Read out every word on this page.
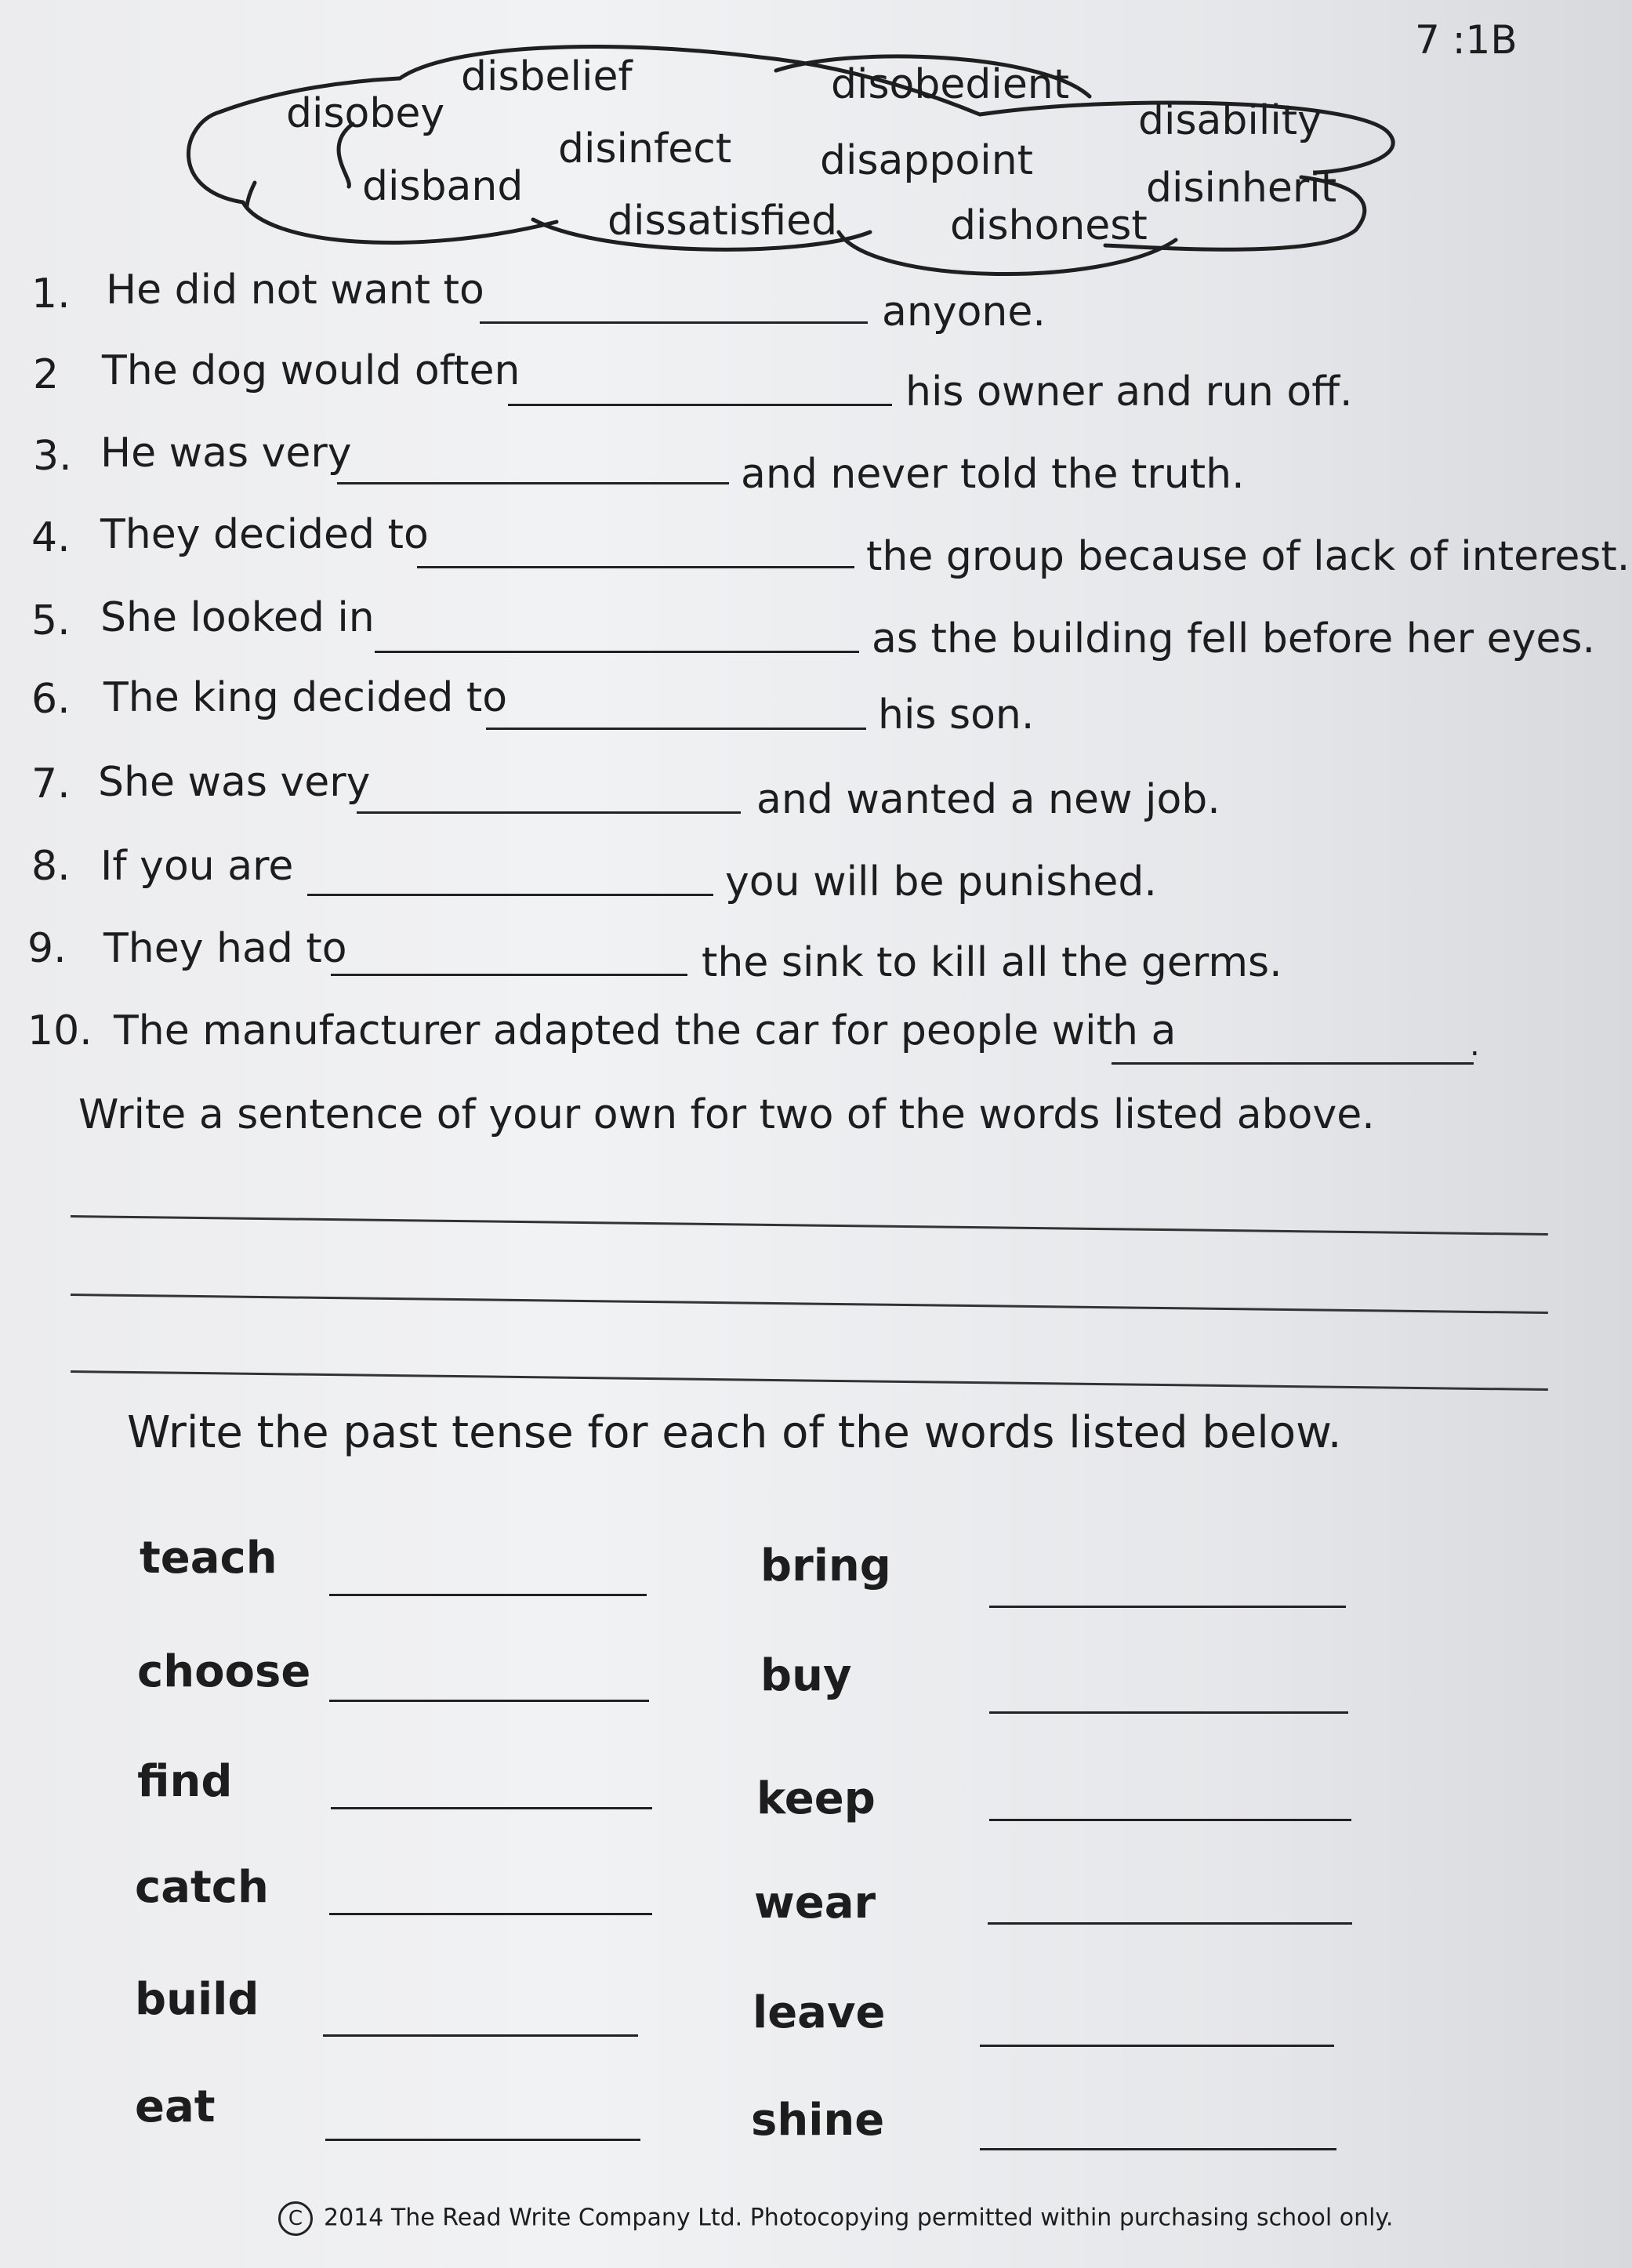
7 :1B
disbelief	disobedient
disobey	disability
disinfect disappoint
disband	disinherit
dissatisfied	dishonest
1. He did not want to	anyone.
2 The dog would often	his owner and run off.
3. He was very	and never told the truth.
4. They decided to	the group because of lack of interest.
5. She looked in	as the building fell before her eyes.
6. The king decided to	his son.
7. She was very	and wanted a new job.
8. If you are	you will be punished.
9. They had to	the sink to kill all the germs.
10. The manufacturer adapted the car for people with a	.
Write a sentence of your own for two of the words listed above.
Write the past tense for each of the words listed below.
teach	bring
choose	buy
find	keep
catch	wear
build	leave
eat	shine
C 2014 The Read Write Company Ltd. Photocopying permitted within purchasing school only.
